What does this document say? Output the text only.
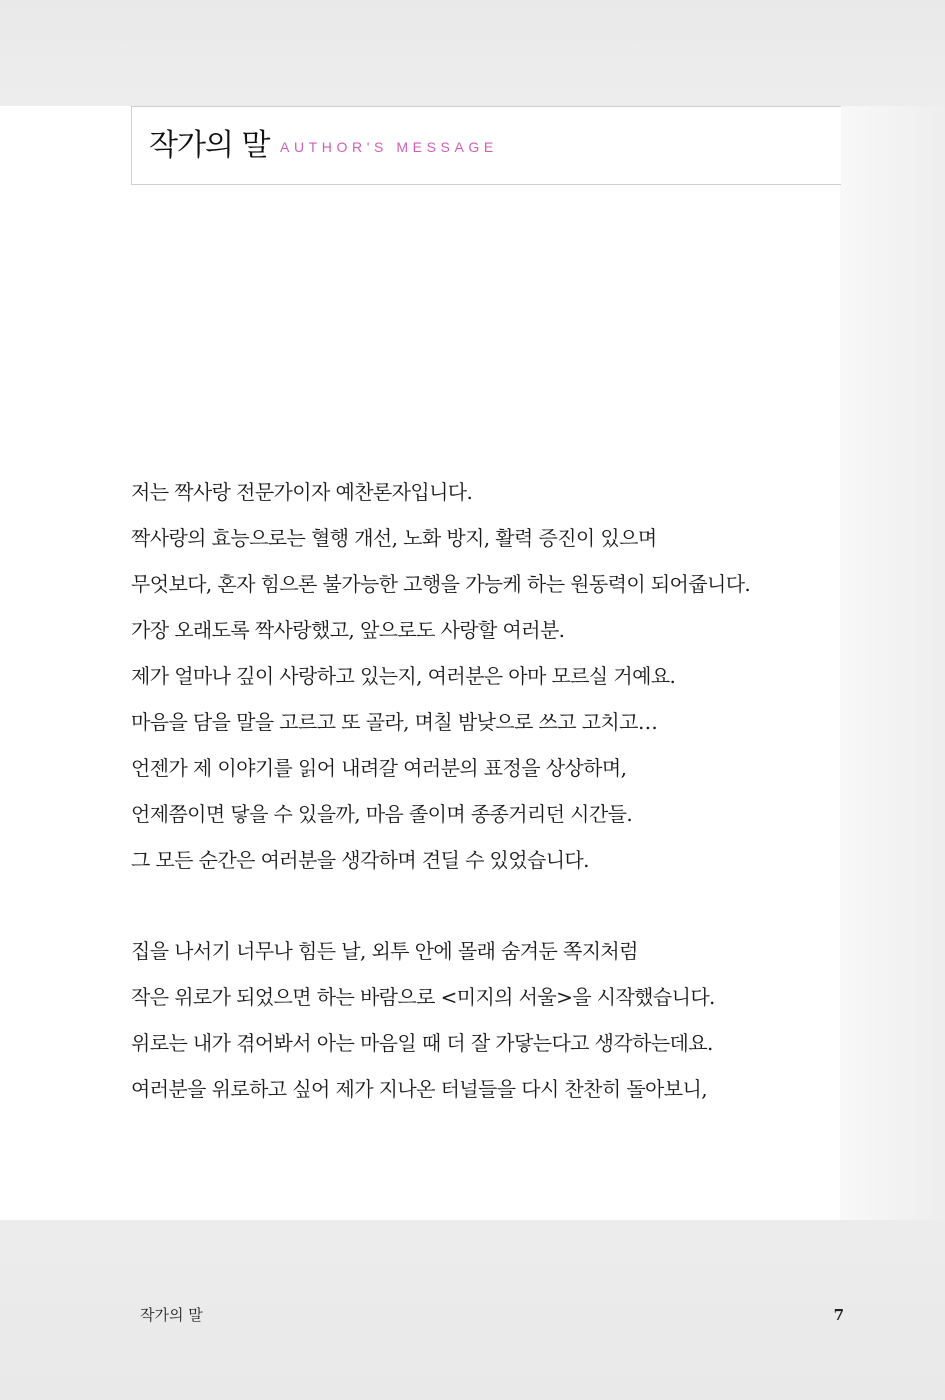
작가의 말 AUTHOR'S MESSAGE
저는 짝사랑 전문가이자 예찬론자입니다.
짝사랑의 효능으로는 혈행 개선, 노화 방지, 활력 증진이 있으며
무엇보다, 혼자 힘으론 불가능한 고행을 가능케 하는 원동력이 되어줍니다.
가장 오래도록 짝사랑했고, 앞으로도 사랑할 여러분.
제가 얼마나 깊이 사랑하고 있는지, 여러분은 아마 모르실 거예요.
마음을 담을 말을 고르고 또 골라, 며칠 밤낮으로 쓰고 고치고…
언젠가 제 이야기를 읽어 내려갈 여러분의 표정을 상상하며,
언제쯤이면 닿을 수 있을까, 마음 졸이며 종종거리던 시간들.
그 모든 순간은 여러분을 생각하며 견딜 수 있었습니다.
집을 나서기 너무나 힘든 날, 외투 안에 몰래 숨겨둔 쪽지처럼
작은 위로가 되었으면 하는 바람으로 <미지의 서울>을 시작했습니다.
위로는 내가 겪어봐서 아는 마음일 때 더 잘 가닿는다고 생각하는데요.
여러분을 위로하고 싶어 제가 지나온 터널들을 다시 찬찬히 돌아보니,
작가의 말	7
